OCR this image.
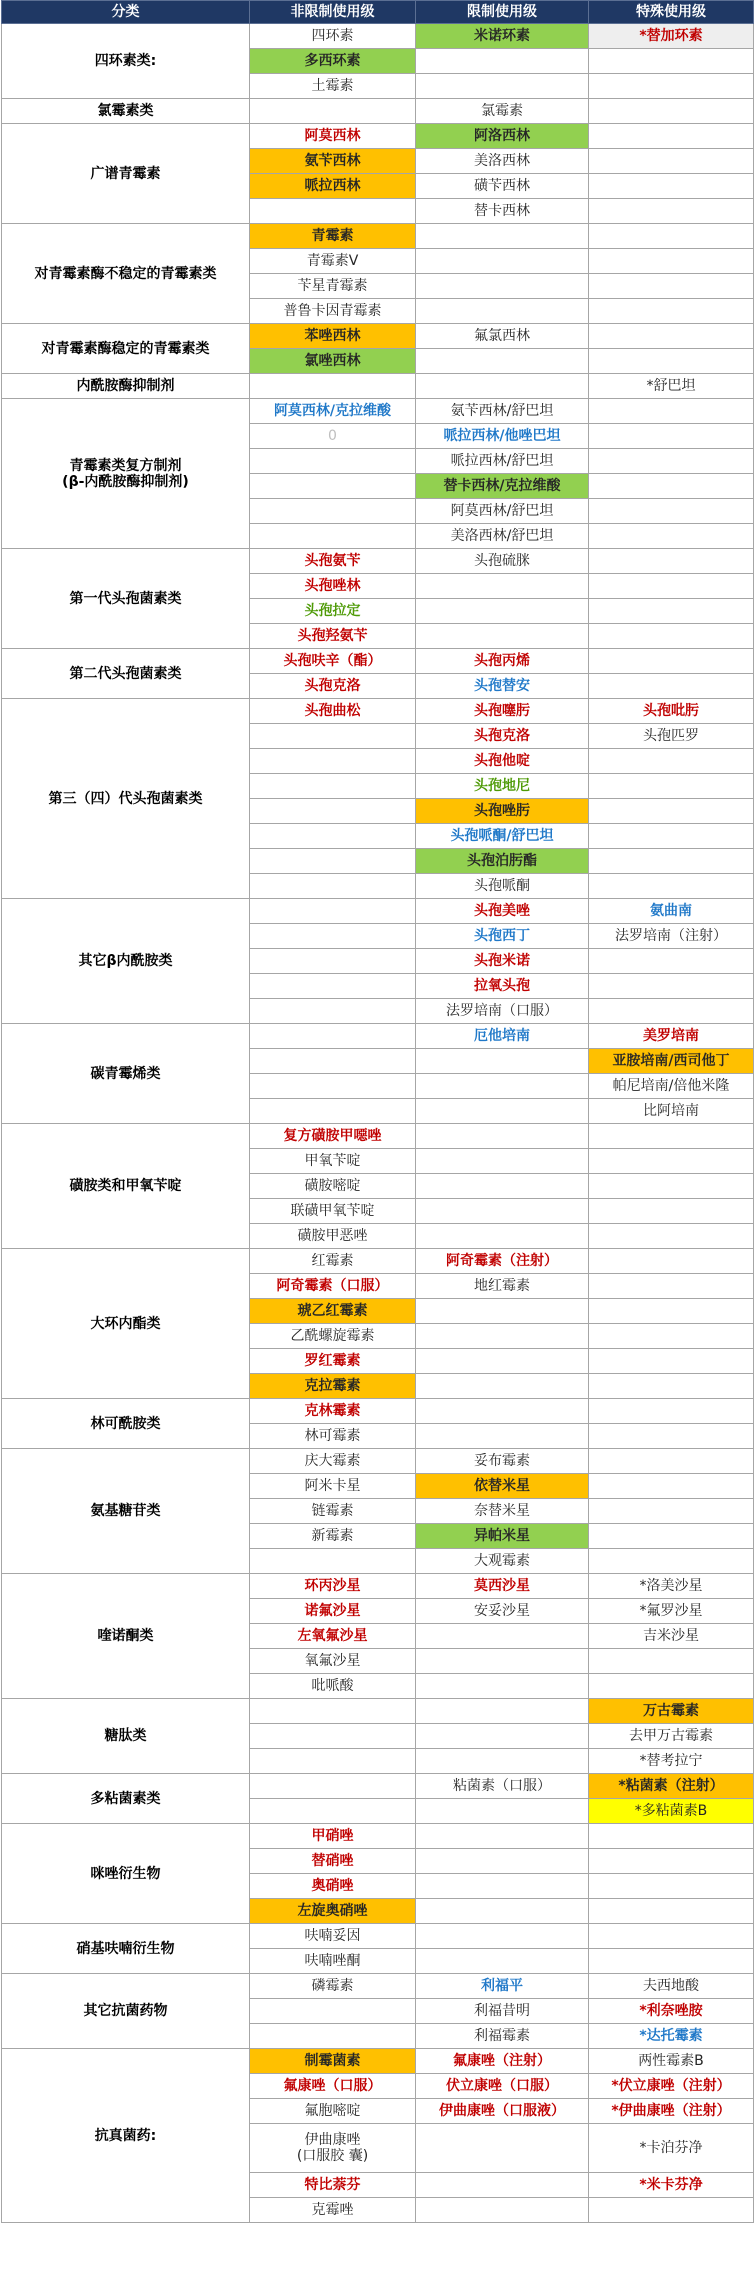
分类	非限制使用级	限制使用级	特殊使用级
四环素类:	四环素	米诺环素	*替加环素
	多西环素		
	土霉素		
氯霉素类		氯霉素	
广谱青霉素	阿莫西林	阿洛西林	
	氨苄西林	美洛西林	
	哌拉西林	磺苄西林	
		替卡西林	
对青霉素酶不稳定的青霉素类	青霉素		
	青霉素V		
	苄星青霉素		
	普鲁卡因青霉素		
对青霉素酶稳定的青霉素类	苯唑西林	氟氯西林	
	氯唑西林		
内酰胺酶抑制剂			*舒巴坦
青霉素类复方制剂
(β-内酰胺酶抑制剂)	阿莫西林/克拉维酸	氨苄西林/舒巴坦	
	0	哌拉西林/他唑巴坦	
		哌拉西林/舒巴坦	
		替卡西林/克拉维酸	
		阿莫西林/舒巴坦	
		美洛西林/舒巴坦	
第一代头孢菌素类	头孢氨苄	头孢硫脒	
	头孢唑林		
	头孢拉定		
	头孢羟氨苄		
第二代头孢菌素类	头孢呋辛（酯）	头孢丙烯	
	头孢克洛	头孢替安	
第三（四）代头孢菌素类	头孢曲松	头孢噻肟	头孢吡肟
		头孢克洛	头孢匹罗
		头孢他啶	
		头孢地尼	
		头孢唑肟	
		头孢哌酮/舒巴坦	
		头孢泊肟酯	
		头孢哌酮	
其它β内酰胺类		头孢美唑	氨曲南
		头孢西丁	法罗培南（注射）
		头孢米诺	
		拉氧头孢	
		法罗培南（口服）	
碳青霉烯类		厄他培南	美罗培南
			亚胺培南/西司他丁
			帕尼培南/倍他米隆
			比阿培南
磺胺类和甲氧苄啶	复方磺胺甲噁唑		
	甲氧苄啶		
	磺胺嘧啶		
	联磺甲氧苄啶		
	磺胺甲恶唑		
大环内酯类	红霉素	阿奇霉素（注射）	
	阿奇霉素（口服）	地红霉素	
	琥乙红霉素		
	乙酰螺旋霉素		
	罗红霉素		
	克拉霉素		
林可酰胺类	克林霉素		
	林可霉素		
氨基糖苷类	庆大霉素	妥布霉素	
	阿米卡星	依替米星	
	链霉素	奈替米星	
	新霉素	异帕米星	
		大观霉素	
喹诺酮类	环丙沙星	莫西沙星	*洛美沙星
	诺氟沙星	安妥沙星	*氟罗沙星
	左氧氟沙星		吉米沙星
	氧氟沙星		
	吡哌酸		
糖肽类			万古霉素
			去甲万古霉素
			*替考拉宁
多粘菌素类		粘菌素（口服）	*粘菌素（注射）
			*多粘菌素B
咪唑衍生物	甲硝唑		
	替硝唑		
	奥硝唑		
	左旋奥硝唑		
硝基呋喃衍生物	呋喃妥因		
	呋喃唑酮		
其它抗菌药物	磷霉素	利福平	夫西地酸
		利福昔明	*利奈唑胺
		利福霉素	*达托霉素
抗真菌药:	制霉菌素	氟康唑（注射）	两性霉素B
	氟康唑（口服）	伏立康唑（口服）	*伏立康唑（注射）
	氟胞嘧啶	伊曲康唑（口服液）	*伊曲康唑（注射）
	伊曲康唑
(口服胶 囊)		*卡泊芬净
	特比萘芬		*米卡芬净
	克霉唑		
